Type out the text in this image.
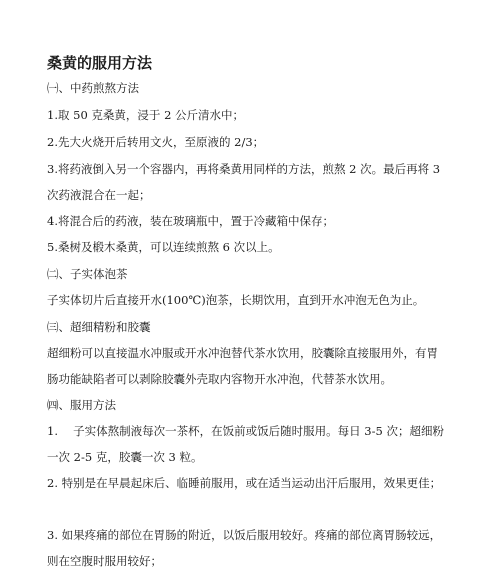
桑黄的服用方法
㈠、中药煎熬方法
1.取 50 克桑黄，浸于 2 公斤清水中；
2.先大火烧开后转用文火，至原液的 2/3；
3.将药液倒入另一个容器内，再将桑黄用同样的方法，煎熬 2 次。最后再将 3
次药液混合在一起；
4.将混合后的药液，装在玻璃瓶中，置于冷藏箱中保存；
5.桑树及椴木桑黄，可以连续煎熬 6 次以上。
㈡、子实体泡茶
子实体切片后直接开水(100℃)泡茶，长期饮用，直到开水冲泡无色为止。
㈢、超细精粉和胶囊
超细粉可以直接温水冲服或开水冲泡替代茶水饮用，胶囊除直接服用外，有胃
肠功能缺陷者可以剥除胶囊外壳取内容物开水冲泡，代替茶水饮用。
㈣、服用方法
1.　 子实体熬制液每次一茶杯，在饭前或饭后随时服用。每日 3-5 次；超细粉
一次 2-5 克，胶囊一次 3 粒。
2. 特别是在早晨起床后、临睡前服用，或在适当运动出汗后服用，效果更佳；
3. 如果疼痛的部位在胃肠的附近，以饭后服用较好。疼痛的部位离胃肠较远，
则在空腹时服用较好；
